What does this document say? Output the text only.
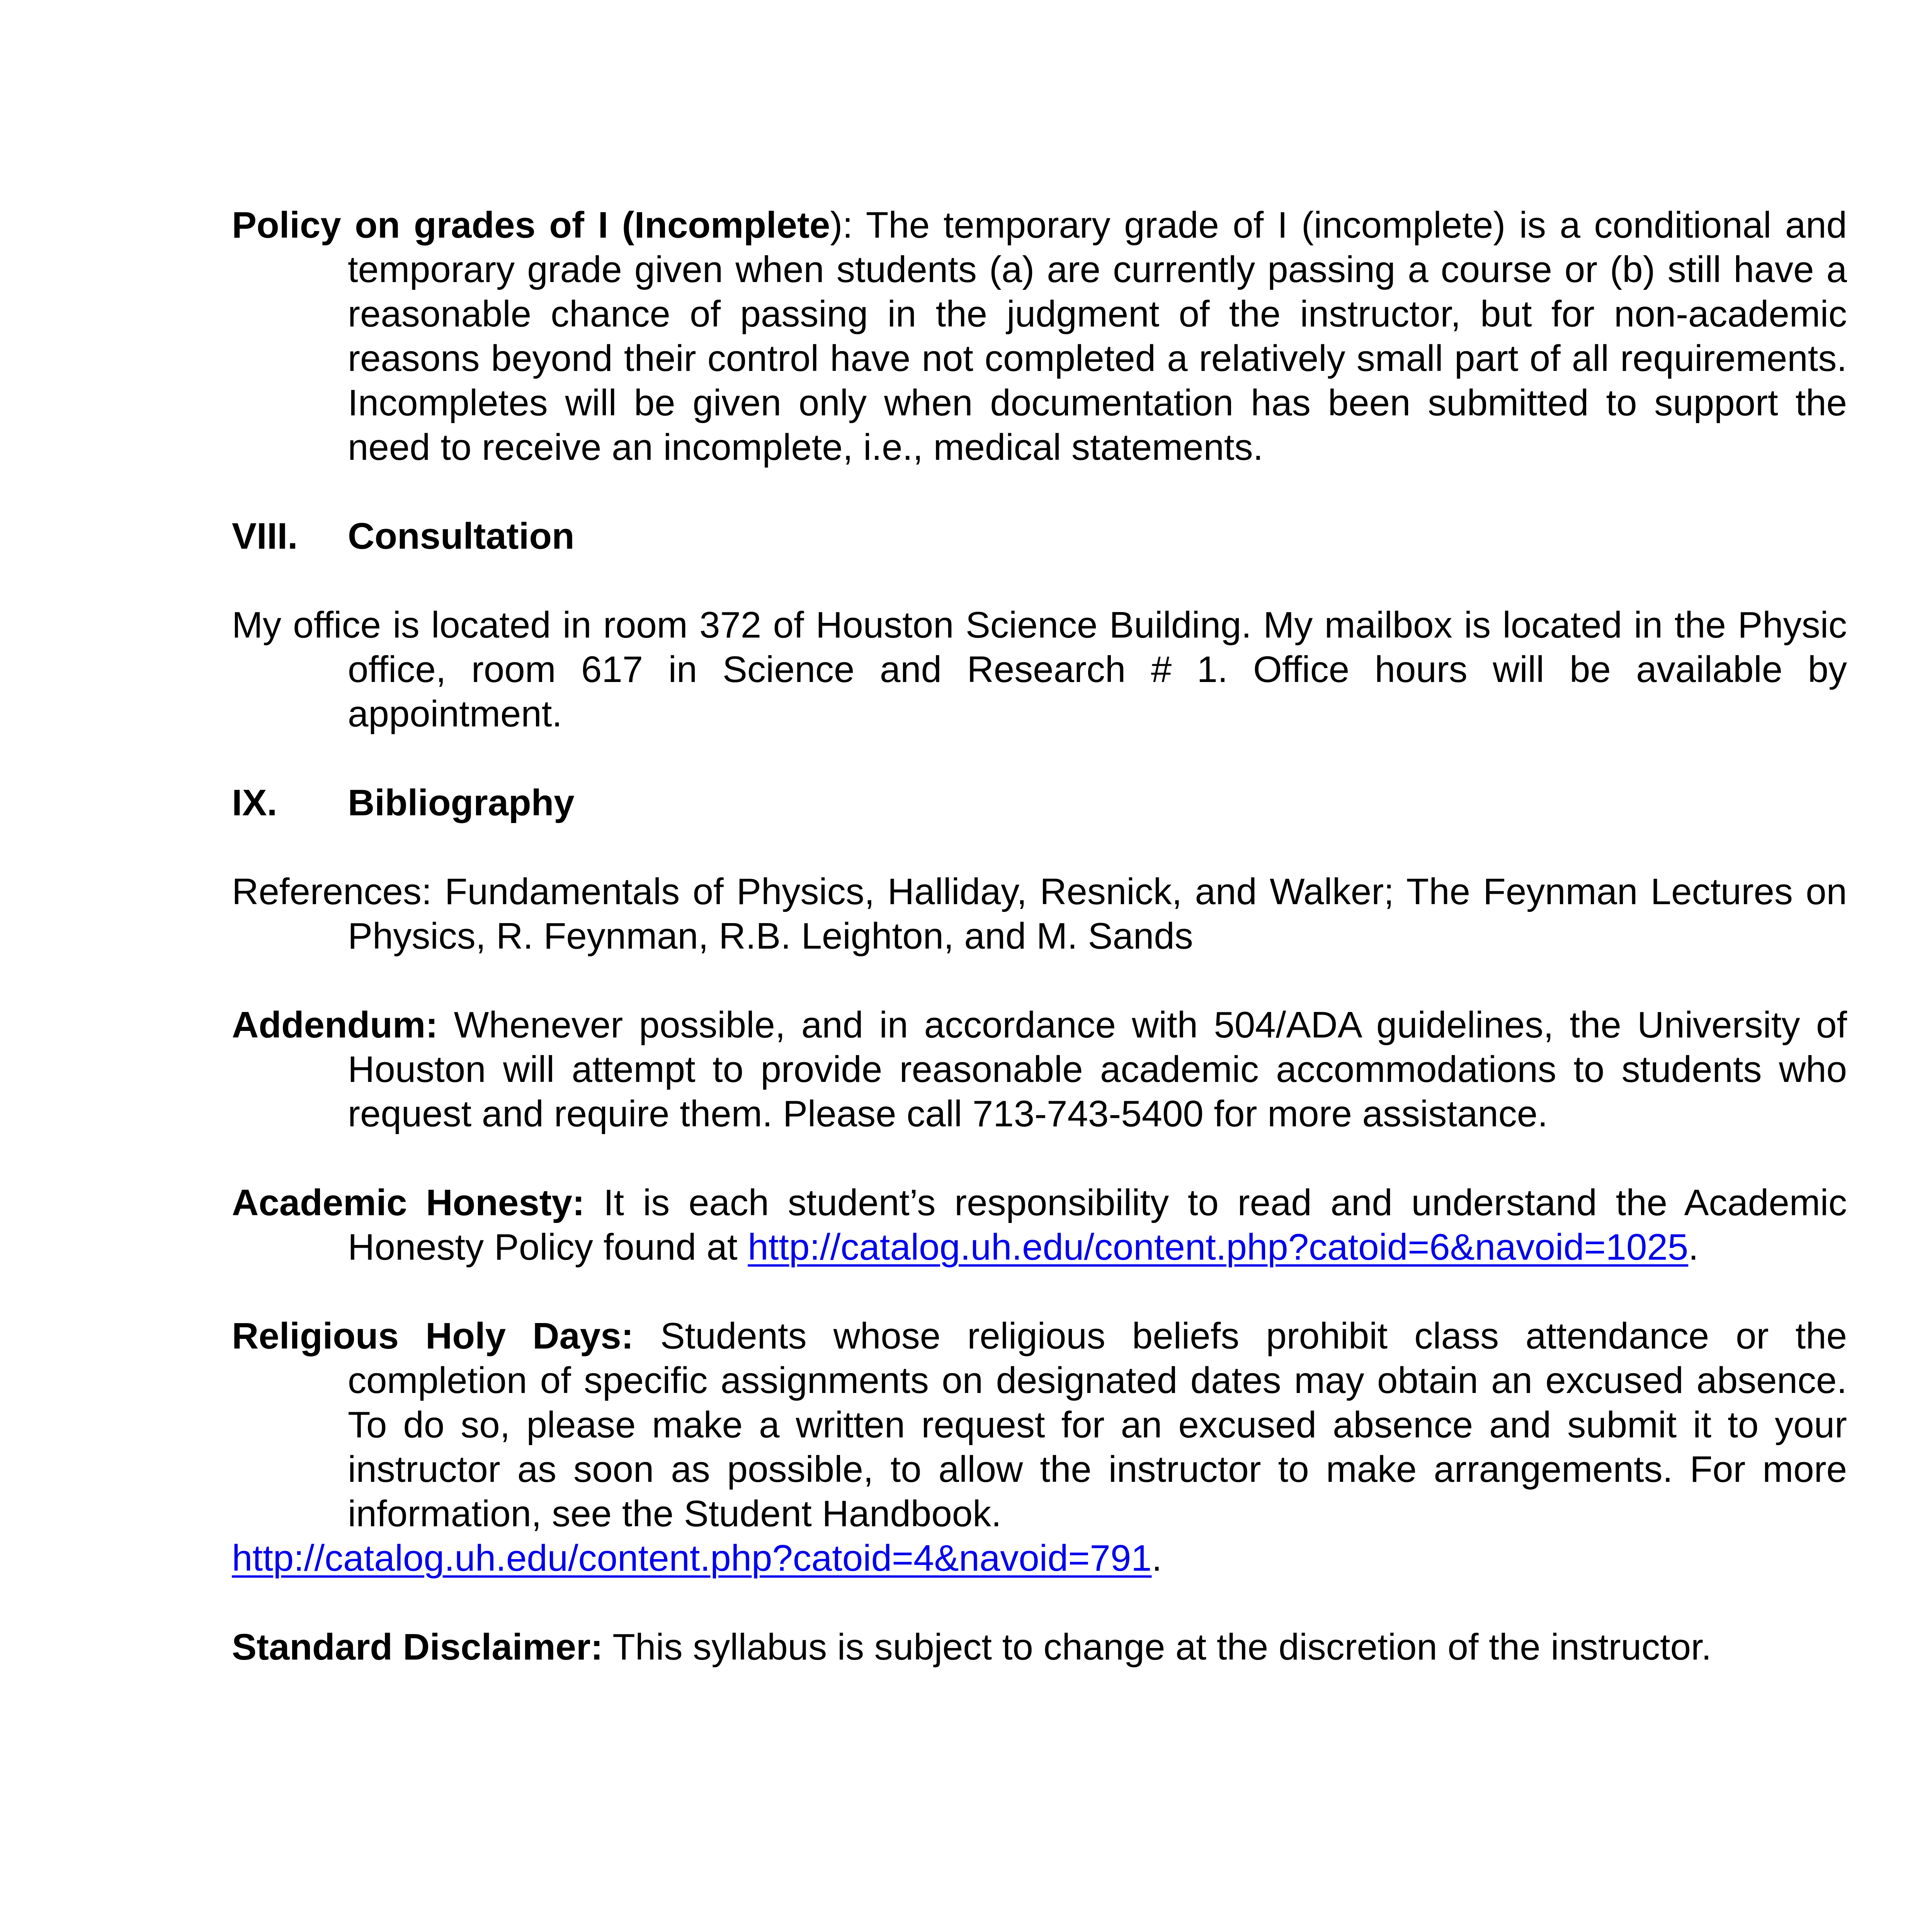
Policy on grades of I (Incomplete): The temporary grade of I (incomplete) is a conditional and temporary grade given when students (a) are currently passing a course or (b) still have a reasonable chance of passing in the judgment of the instructor, but for non-academic reasons beyond their control have not completed a relatively small part of all requirements. Incompletes will be given only when documentation has been submitted to support the need to receive an incomplete, i.e., medical statements.

VIII.	Consultation

My office is located in room 372 of Houston Science Building. My mailbox is located in the Physic office, room 617 in Science and Research # 1. Office hours will be available by appointment.

IX.	Bibliography

References: Fundamentals of Physics, Halliday, Resnick, and Walker; The Feynman Lectures on Physics, R. Feynman, R.B. Leighton, and M. Sands

Addendum: Whenever possible, and in accordance with 504/ADA guidelines, the University of Houston will attempt to provide reasonable academic accommodations to students who request and require them. Please call 713-743-5400 for more assistance.

Academic Honesty: It is each student’s responsibility to read and understand the Academic Honesty Policy found at http://catalog.uh.edu/content.php?catoid=6&navoid=1025.

Religious Holy Days: Students whose religious beliefs prohibit class attendance or the completion of specific assignments on designated dates may obtain an excused absence. To do so, please make a written request for an excused absence and submit it to your instructor as soon as possible, to allow the instructor to make arrangements. For more information, see the Student Handbook.

http://catalog.uh.edu/content.php?catoid=4&navoid=791.

Standard Disclaimer: This syllabus is subject to change at the discretion of the instructor.
